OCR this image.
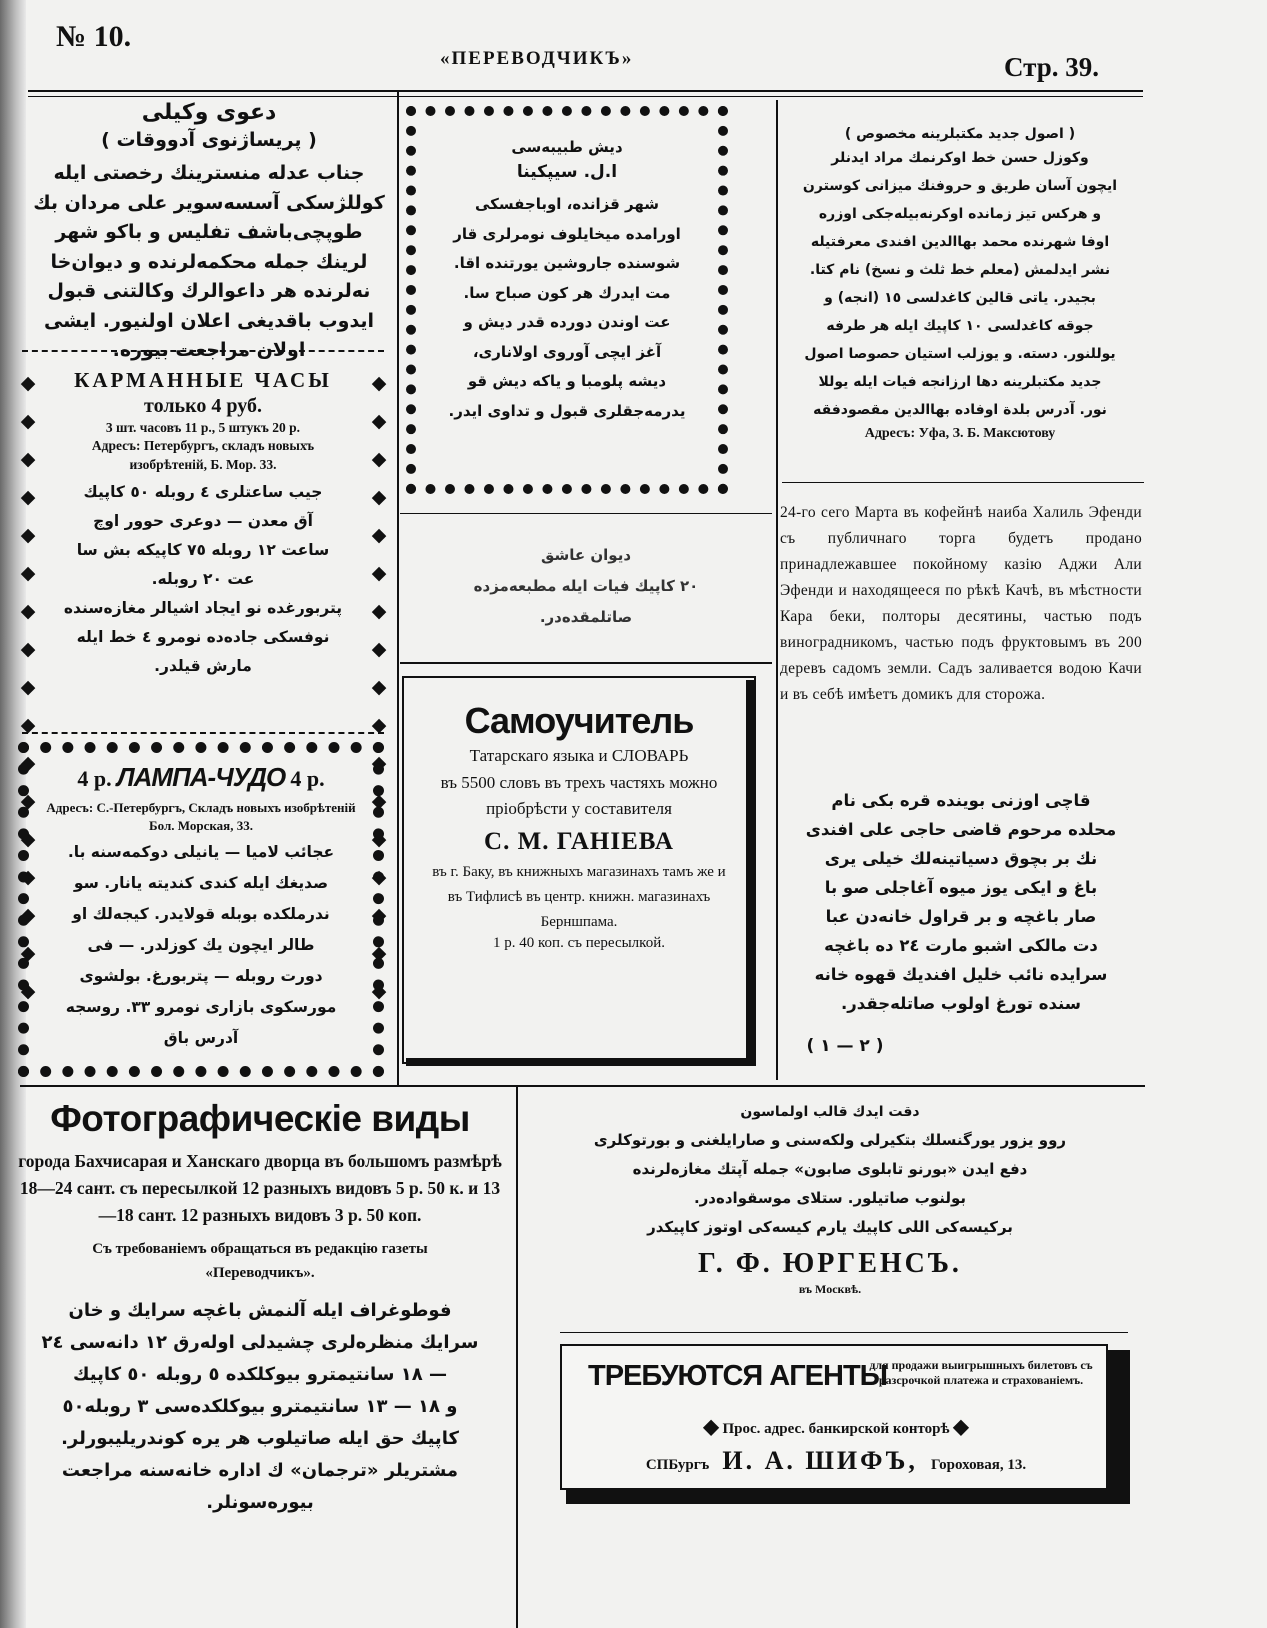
№ 10.
«ПЕРЕВОДЧИКЪ»	Стр. 39.
دعوى وكيلى
( پريساژنوى آدووقات )
جناب عدله منسترينك رخصتى ايله
كوللژسكى آسسه‌سوير على مردان بك
طوپچى‌باشف تفليس و باكو شهر
لرينك جمله محكمه‌لرنده و ديوان‌خا
نه‌لرنده هر داعوالرك وكالتنى قبول
ايدوب باقديغى اعلان اولنيور. ايشى
اولان مراجعت بيوره.
◆◆◆◆◆◆◆◆◆◆◆◆◆◆◆◆◆	◆◆◆◆◆◆◆◆◆◆◆◆◆◆◆◆◆
КАРМАННЫЕ ЧАСЫ
только 4 руб.
3 шт. часовъ 11 р., 5 штукъ 20 р.
Адресъ: Петербургъ, складъ новыхъ изобрѣтеній, Б. Мор. 33.
جيب ساعتلرى ٤ روبله ٥٠ كاپيك
آق معدن — دوعرى حوور اوچ
ساعت ١٢ روبله ٧٥ كاپيكه بش سا
عت ٢٠ روبله.
پتربورغده نو ايجاد اشيالر مغازه‌سنده
نوفسكى جاده‌ده نومرو ٤ خط ايله
مارش قيلدر.
4 р. ЛАМПА-ЧУДО 4 р.
Адресъ: С.-Петербургъ, Складъ новыхъ изобрѣтеній Бол. Морская, 33.
عجائب لاميا — يانيلى دوكمه‌سنه با.
صديغك ايله كندى كنديته يانار. سو
ندرملكده بوبله قولايدر. كيجه‌لك او
طالر ايچون يك كوزلدر. — فى
دورت روبله — پتربورغ. بولشوى
مورسكوى بازارى نومرو ٣٣. روسجه
آدرس باق
ديش طبيبه‌سى
ا.ل. سيپكينا
شهر قزانده، اوباجفسكى
اورامده ميخايلوف نومرلرى قار
شوسنده جاروشين يورتنده اقا.
مت ايدرك هر كون صباح سا.
عت اوندن دورده قدر ديش و
آغز ايچى آوروى اولانارى،
ديشه پلومبا و ياكه ديش قو
يدرمه‌جقلرى قبول و تداوى ايدر.
ديوان عاشق
٢٠ كاپيك فيات ايله مطبعه‌مزده
صاتلمقده‌در.
Самоучитель
Татарскаго языка и СЛОВАРЬ
въ 5500 словъ въ трехъ частяхъ можно пріобрѣсти у составителя
С. М. ГАНІЕВА
въ г. Баку, въ книжныхъ магазинахъ тамъ же и въ Тифлисѣ въ центр. книжн. магазинахъ Берншпама.
1 р. 40 коп. съ пересылкой.
( اصول جديد مكتبلرينه مخصوص )
وكوزل حسن خط اوكرنمك مراد ايدنلر
ايچون آسان طريق و حروفنك ميزانى كوسترن
و هركس تيز زمانده اوكرنه‌بيله‌جكى اوزره
اوفا شهرنده محمد بهاالدين افندى معرفتيله
نشر ايدلمش (معلم خط ثلث و نسخ) نام كتا.
بجيدر. ياتى قالين كاغدلسى ١٥ (انجه) و
جوقه كاغدلسى ١٠ كاپيك ايله هر طرفه
يوللنور. دسته. و يوزلب استيان حصوصا اصول
جديد مكتبلرينه دها ارزانجه فيات ايله يوللا
نور. آدرس بلدة اوفاده بهاالدين مقصودفقه
Адресъ: Уфа, З. Б. Максютову
24-го сего Марта въ кофейнѣ наиба Халиль Эфенди съ публичнаго торга будетъ продано принадлежавшее покойному казію Аджи Али Эфенди и находящееся по рѣкѣ Качѣ, въ мѣстности Кара беки, полторы десятины, частью подъ виноградникомъ, частью подъ фруктовымъ въ 200 деревъ садомъ земли. Садъ заливается водою Качи и въ себѣ имѣетъ домикъ для сторожа.
قاچى اوزنى بوينده قره بكى نام
محلده مرحوم قاضى حاجى على افندى
نك بر بچوق دسياتينه‌لك خيلى يرى
باغ و ايكى يوز ميوه آغاجلى صو با
صار باغچه و بر قراول خانه‌دن عبا
دت مالكى اشبو مارت ٢٤ ده باغچه
سرايده نائب خليل افنديك قهوه خانه
سنده تورغ اولوب صاتله‌جقدر.
( ٢ — ١ )
Фотографическіе виды
города Бахчисарая и Ханскаго дворца въ большомъ размѣрѣ 18—24 сант. съ пересылкой 12 разныхъ видовъ 5 р. 50 к. и 13—18 сант. 12 разныхъ видовъ 3 р. 50 коп.
Съ требованіемъ обращаться въ редакцію газеты «Переводчикъ».
فوطوغراف ايله آلنمش باغچه سرايك و خان
سرايك منظره‌لرى چشيدلى اوله‌رق ١٢ دانه‌سى ٢٤
— ١٨ سانتيمترو بيوكلكده ٥ روبله ٥٠ كاپيك
و ١٨ — ١٣ سانتيمترو بيوكلكده‌سى ٣ روبله‌٥٠
كاپيك حق ايله صاتيلوب هر يره كوندريليبورلر.
مشتريلر «ترجمان» ك اداره خانه‌سنه مراجعت
بيوره‌سونلر.
دقت ايدك قالب اولماسون
روو يزور يورگنسلك بتكيرلى ولكه‌سنى و صارايلغنى و بورتوكلرى
دفع ايدن «بورنو تابلوى صابون» جمله آپتك مغازه‌لرنده
بولنوب صاتيلور. ستلاى موسقواده‌در.
بركيسه‌كى اللى كاپيك يارم كيسه‌كى اوتوز كاپيكدر
Г. Ф. ЮРГЕНСЪ.
въ Москвѣ.
ТРЕБУЮТСЯ АГЕНТЫ
для продажи выигрышныхъ билетовъ съ разсрочкой платежа и страхованіемъ.
◆ Прос. адрес. банкирской конторѣ ◆
СПБургъ И. А. ШИФЪ, Гороховая, 13.
